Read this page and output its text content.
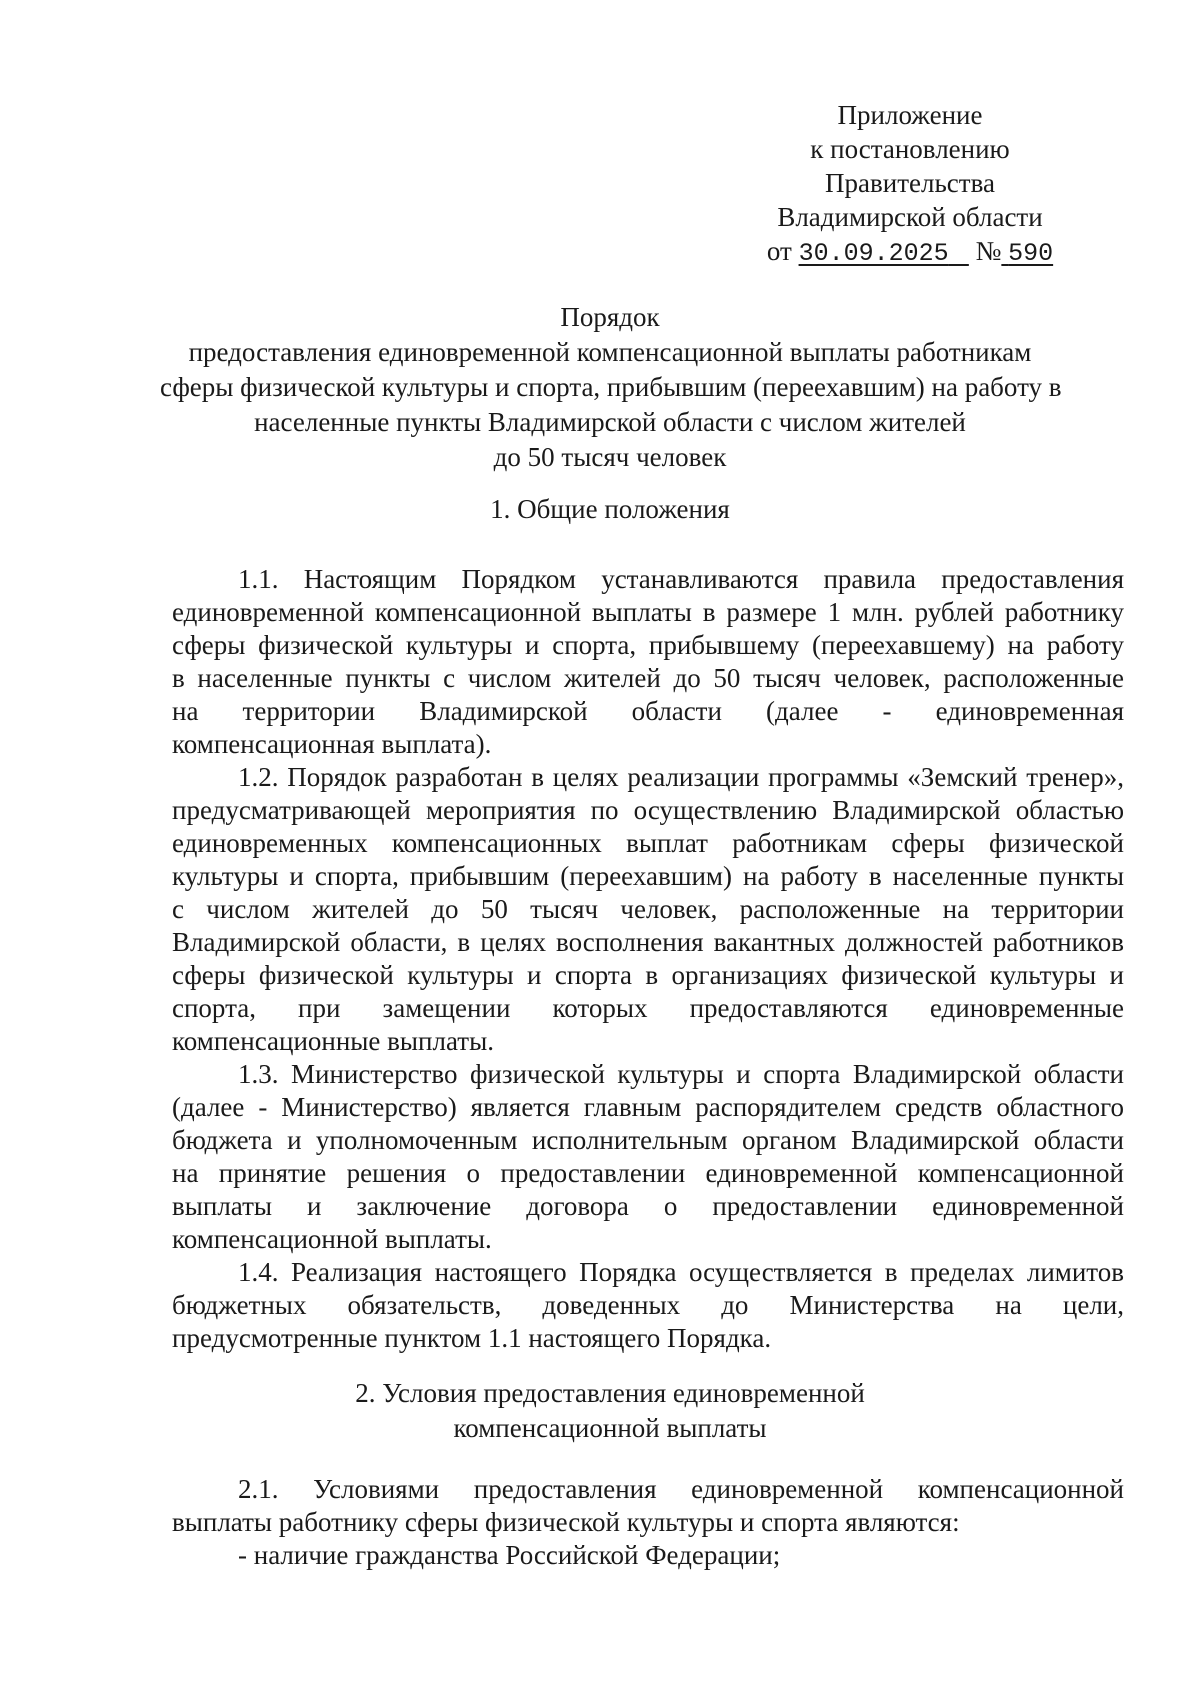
Приложение
к постановлению
Правительства
Владимирской области
от 30.09.2025 № 590
Порядок
предоставления единовременной компенсационной выплаты работникам
сферы физической культуры и спорта, прибывшим (переехавшим) на работу в
населенные пункты Владимирской области с числом жителей
до 50 тысяч человек
1. Общие положения
1.1. Настоящим Порядком устанавливаются правила предоставления
единовременной компенсационной выплаты в размере 1 млн. рублей работнику
сферы физической культуры и спорта, прибывшему (переехавшему) на работу
в населенные пункты с числом жителей до 50 тысяч человек, расположенные
на территории Владимирской области (далее - единовременная
компенсационная выплата).
1.2. Порядок разработан в целях реализации программы «Земский тренер»,
предусматривающей мероприятия по осуществлению Владимирской областью
единовременных компенсационных выплат работникам сферы физической
культуры и спорта, прибывшим (переехавшим) на работу в населенные пункты
с числом жителей до 50 тысяч человек, расположенные на территории
Владимирской области, в целях восполнения вакантных должностей работников
сферы физической культуры и спорта в организациях физической культуры и
спорта, при замещении которых предоставляются единовременные
компенсационные выплаты.
1.3. Министерство физической культуры и спорта Владимирской области
(далее - Министерство) является главным распорядителем средств областного
бюджета и уполномоченным исполнительным органом Владимирской области
на принятие решения о предоставлении единовременной компенсационной
выплаты и заключение договора о предоставлении единовременной
компенсационной выплаты.
1.4. Реализация настоящего Порядка осуществляется в пределах лимитов
бюджетных обязательств, доведенных до Министерства на цели,
предусмотренные пунктом 1.1 настоящего Порядка.
2. Условия предоставления единовременной
компенсационной выплаты
2.1. Условиями предоставления единовременной компенсационной
выплаты работнику сферы физической культуры и спорта являются:
- наличие гражданства Российской Федерации;
